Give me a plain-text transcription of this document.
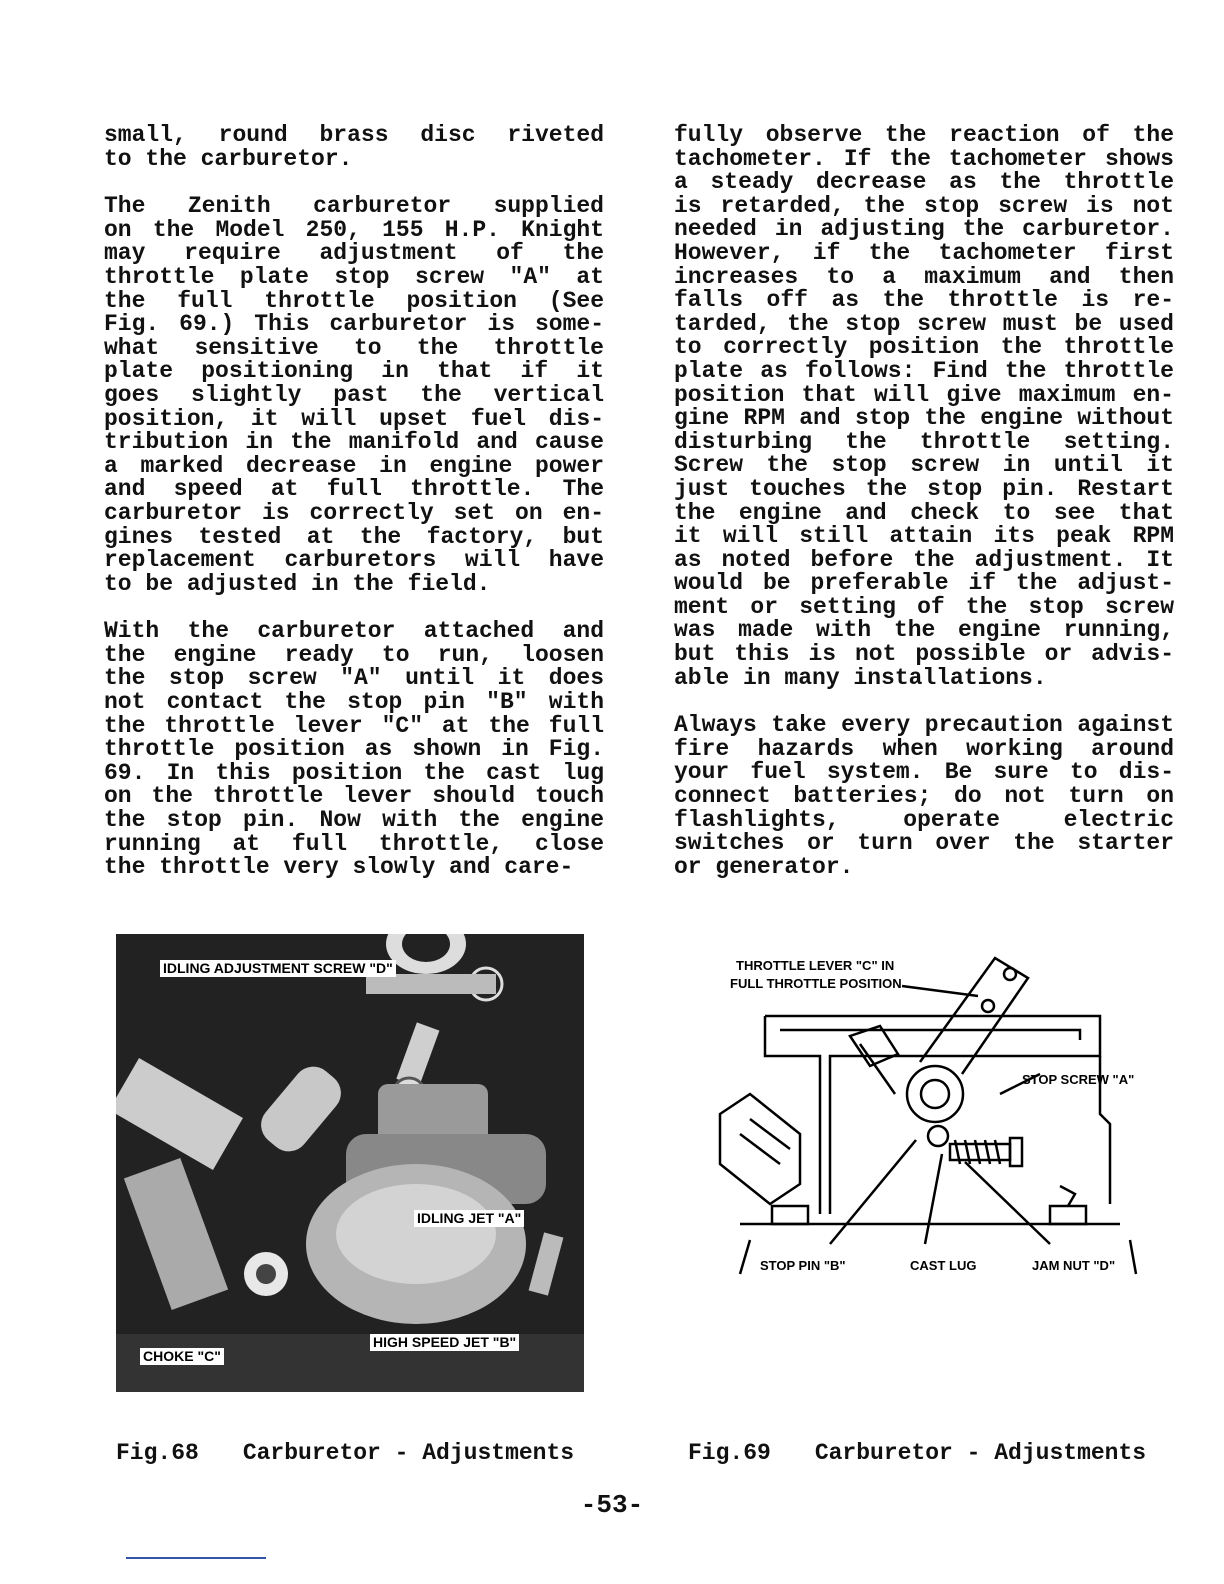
small, round brass disc riveted
to the carburetor.

The Zenith carburetor supplied
on the Model 250, 155 H.P. Knight
may require adjustment of the
throttle plate stop screw "A" at
the full throttle position (See
Fig. 69.) This carburetor is some-
what sensitive to the throttle
plate positioning in that if it
goes slightly past the vertical
position, it will upset fuel dis-
tribution in the manifold and cause
a marked decrease in engine power
and speed at full throttle. The
carburetor is correctly set on en-
gines tested at the factory, but
replacement carburetors will have
to be adjusted in the field.

With the carburetor attached and
the engine ready to run, loosen
the stop screw "A" until it does
not contact the stop pin "B" with
the throttle lever "C" at the full
throttle position as shown in Fig.
69. In this position the cast lug
on the throttle lever should touch
the stop pin. Now with the engine
running at full throttle, close
the throttle very slowly and care-

fully observe the reaction of the
tachometer. If the tachometer shows
a steady decrease as the throttle
is retarded, the stop screw is not
needed in adjusting the carburetor.
However, if the tachometer first
increases to a maximum and then
falls off as the throttle is re-
tarded, the stop screw must be used
to correctly position the throttle
plate as follows: Find the throttle
position that will give maximum en-
gine RPM and stop the engine without
disturbing the throttle setting.
Screw the stop screw in until it
just touches the stop pin. Restart
the engine and check to see that
it will still attain its peak RPM
as noted before the adjustment. It
would be preferable if the adjust-
ment or setting of the stop screw
was made with the engine running,
but this is not possible or advis-
able in many installations.

Always take every precaution against
fire hazards when working around
your fuel system. Be sure to dis-
connect batteries; do not turn on
flashlights, operate electric
switches or turn over the starter
or generator.

IDLING ADJUSTMENT SCREW "D"
IDLING JET "A"
HIGH SPEED JET "B"
CHOKE "C"
THROTTLE LEVER "C" IN
FULL THROTTLE POSITION
STOP SCREW "A"
STOP PIN "B"	CAST LUG	JAM NUT "D"
Fig.68 Carburetor - Adjustments	Fig.69 Carburetor - Adjustments
-53-
